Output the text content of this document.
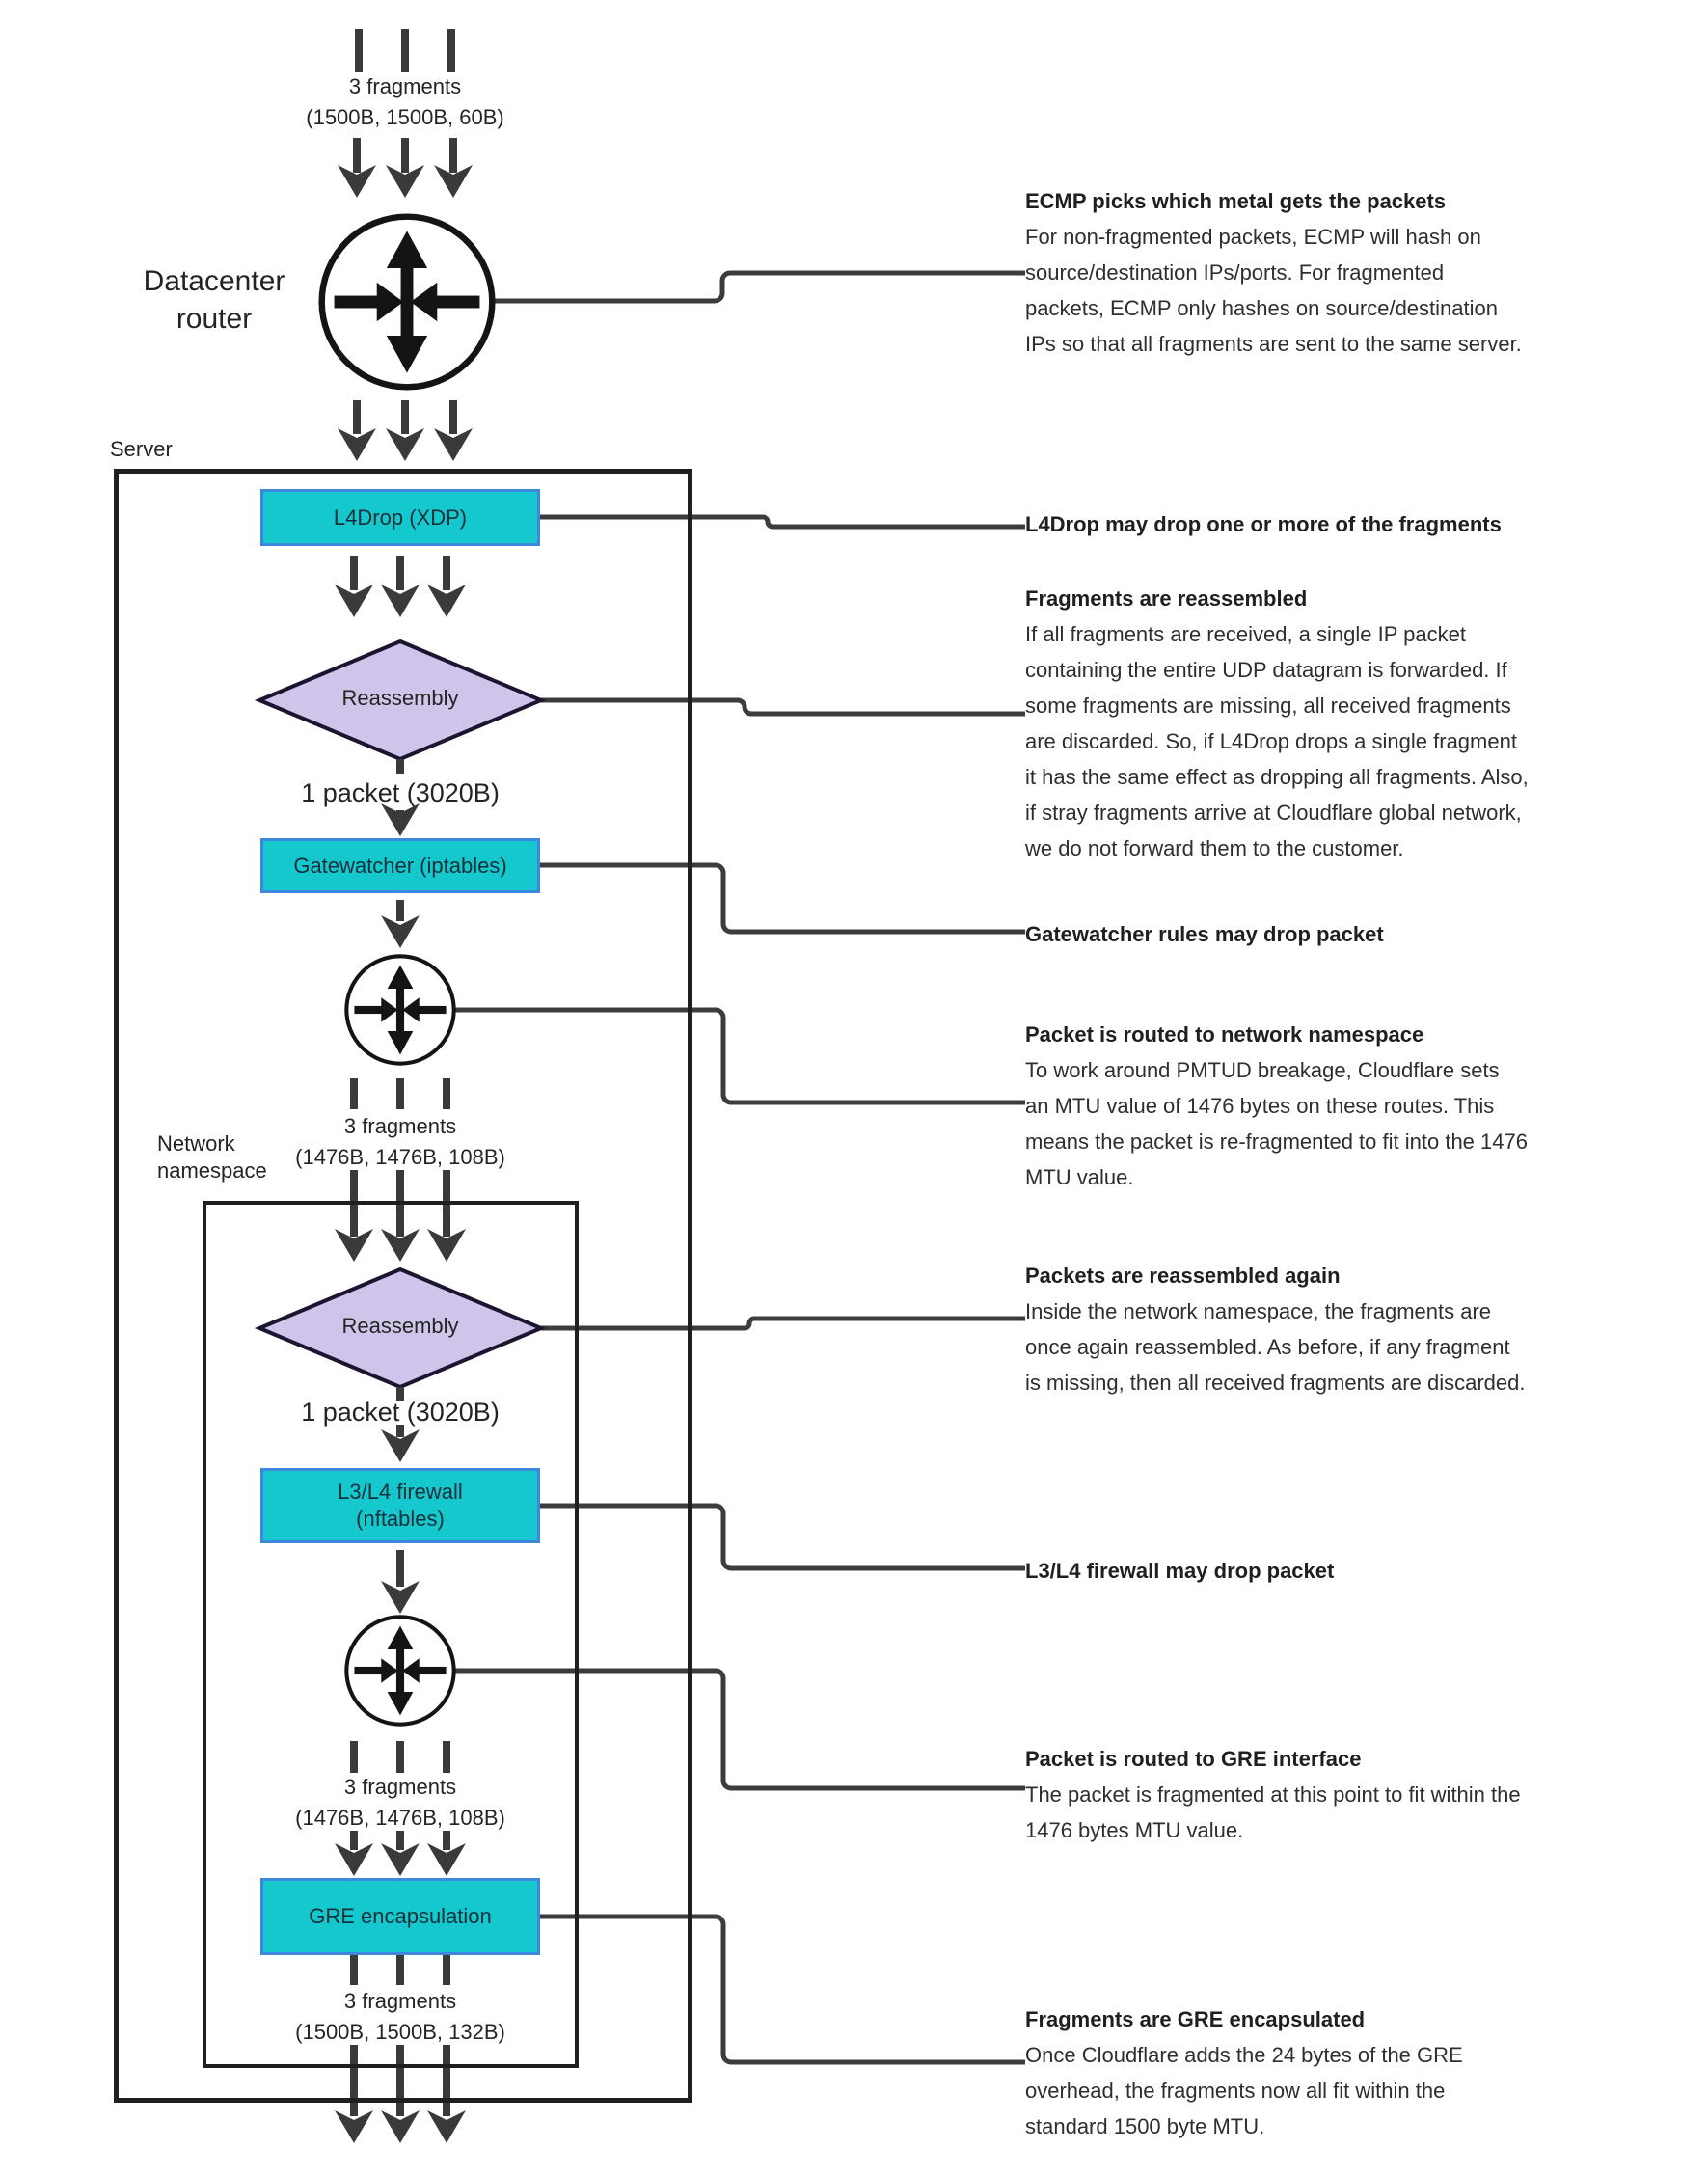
3 fragments
(1500B, 1500B, 60B)
Datacenter router
Server
L4Drop (XDP)
Reassembly
1 packet (3020B)
Gatewatcher (iptables)
3 fragments
(1476B, 1476B, 108B)
Network namespace
Reassembly
1 packet (3020B)
L3/L4 firewall
(nftables)
3 fragments
(1476B, 1476B, 108B)
GRE encapsulation
3 fragments
(1500B, 1500B, 132B)
ECMP picks which metal gets the packets

For non-fragmented packets, ECMP will hash on source/destination IPs/ports. For fragmented packets, ECMP only hashes on source/destination IPs so that all fragments are sent to the same server.

L4Drop may drop one or more of the fragments
Fragments are reassembled

If all fragments are received, a single IP packet containing the entire UDP datagram is forwarded. If some fragments are missing, all received fragments are discarded. So, if L4Drop drops a single fragment it has the same effect as dropping all fragments. Also, if stray fragments arrive at Cloudflare global network, we do not forward them to the customer.

Gatewatcher rules may drop packet
Packet is routed to network namespace

To work around PMTUD breakage, Cloudflare sets an MTU value of 1476 bytes on these routes. This means the packet is re-fragmented to fit into the 1476 MTU value.

Packets are reassembled again

Inside the network namespace, the fragments are once again reassembled. As before, if any fragment is missing, then all received fragments are discarded.

L3/L4 firewall may drop packet
Packet is routed to GRE interface

The packet is fragmented at this point to fit within the 1476 bytes MTU value.

Fragments are GRE encapsulated

Once Cloudflare adds the 24 bytes of the GRE overhead, the fragments now all fit within the standard 1500 byte MTU.
